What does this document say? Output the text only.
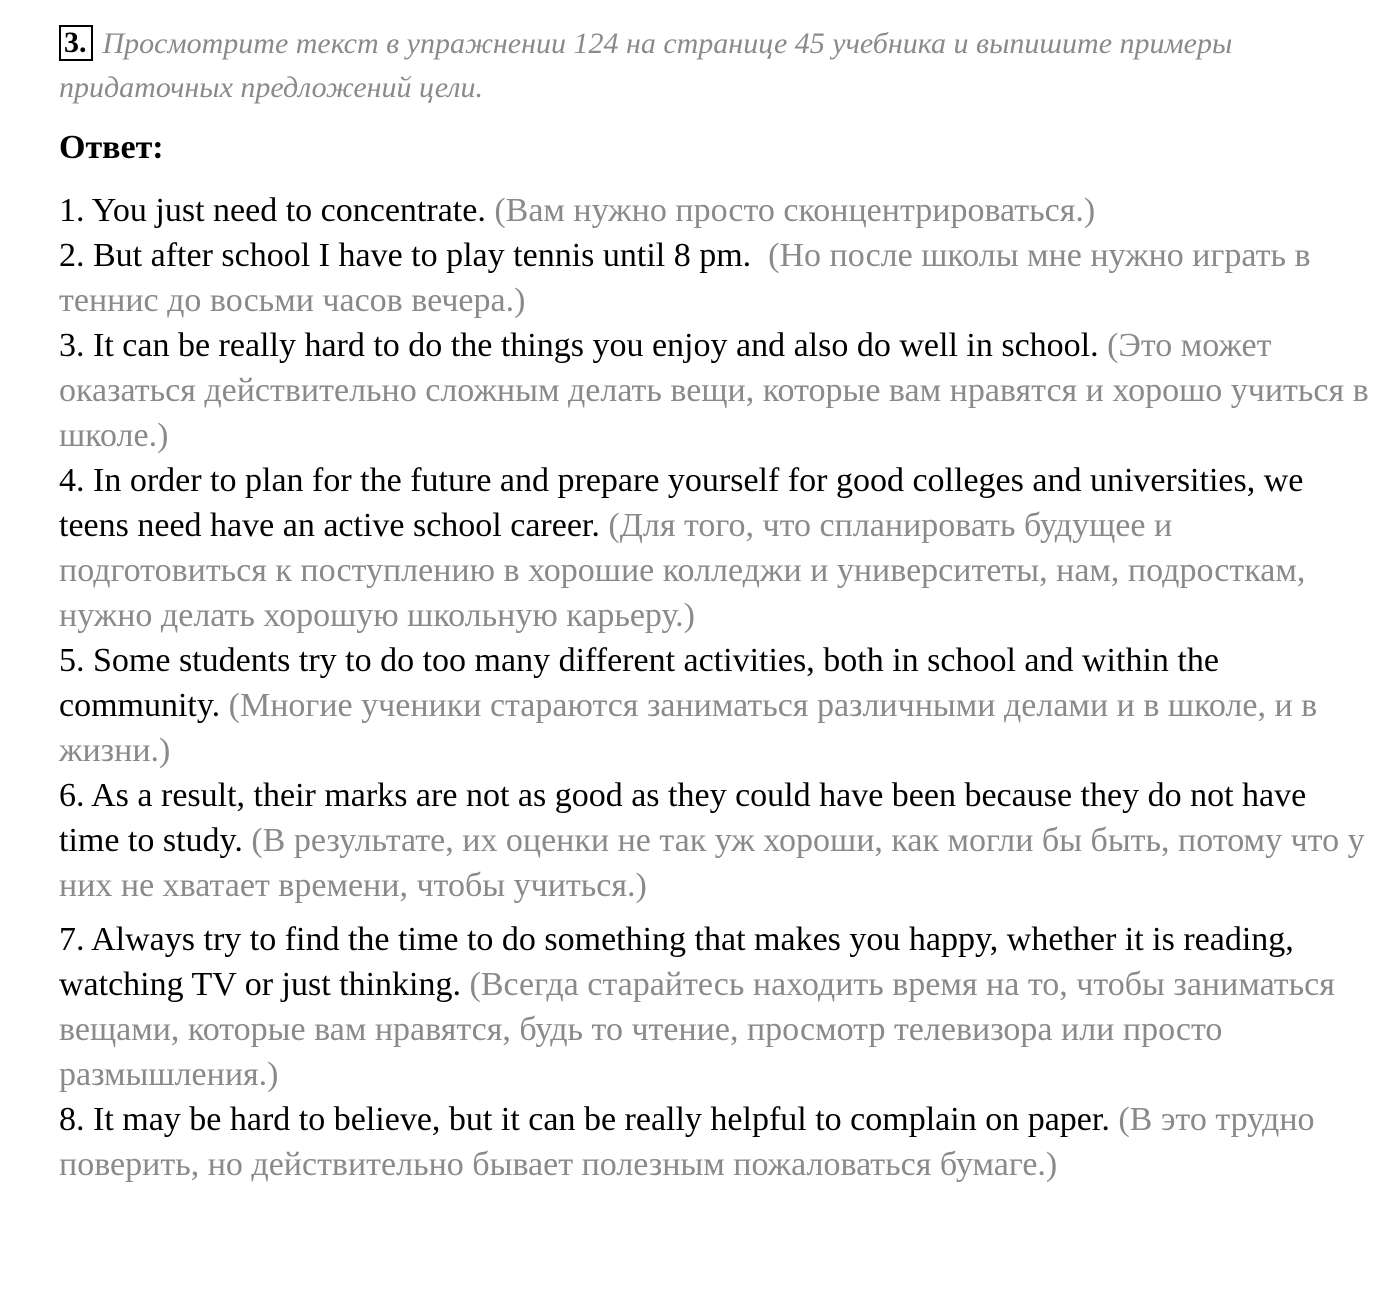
3. Просмотрите текст в упражнении 124 на странице 45 учебника и выпишите примеры придаточных предложений цели.

Ответ:

1. You just need to concentrate. (Вам нужно просто сконцентрироваться.)

2. But after school I have to play tennis until 8 pm. (Но после школы мне нужно играть в теннис до восьми часов вечера.)

3. It can be really hard to do the things you enjoy and also do well in school. (Это может оказаться действительно сложным делать вещи, которые вам нравятся и хорошо учиться в школе.)

4. In order to plan for the future and prepare yourself for good colleges and universities, we teens need have an active school career. (Для того, что спланировать будущее и подготовиться к поступлению в хорошие колледжи и университеты, нам, подросткам, нужно делать хорошую школьную карьеру.)

5. Some students try to do too many different activities, both in school and within the community. (Многие ученики стараются заниматься различными делами и в школе, и в жизни.)

6. As a result, their marks are not as good as they could have been because they do not have time to study. (В результате, их оценки не так уж хороши, как могли бы быть, потому что у них не хватает времени, чтобы учиться.)

7. Always try to find the time to do something that makes you happy, whether it is reading, watching TV or just thinking. (Всегда старайтесь находить время на то, чтобы заниматься вещами, которые вам нравятся, будь то чтение, просмотр телевизора или просто размышления.)

8. It may be hard to believe, but it can be really helpful to complain on paper. (В это трудно поверить, но действительно бывает полезным пожаловаться бумаге.)
